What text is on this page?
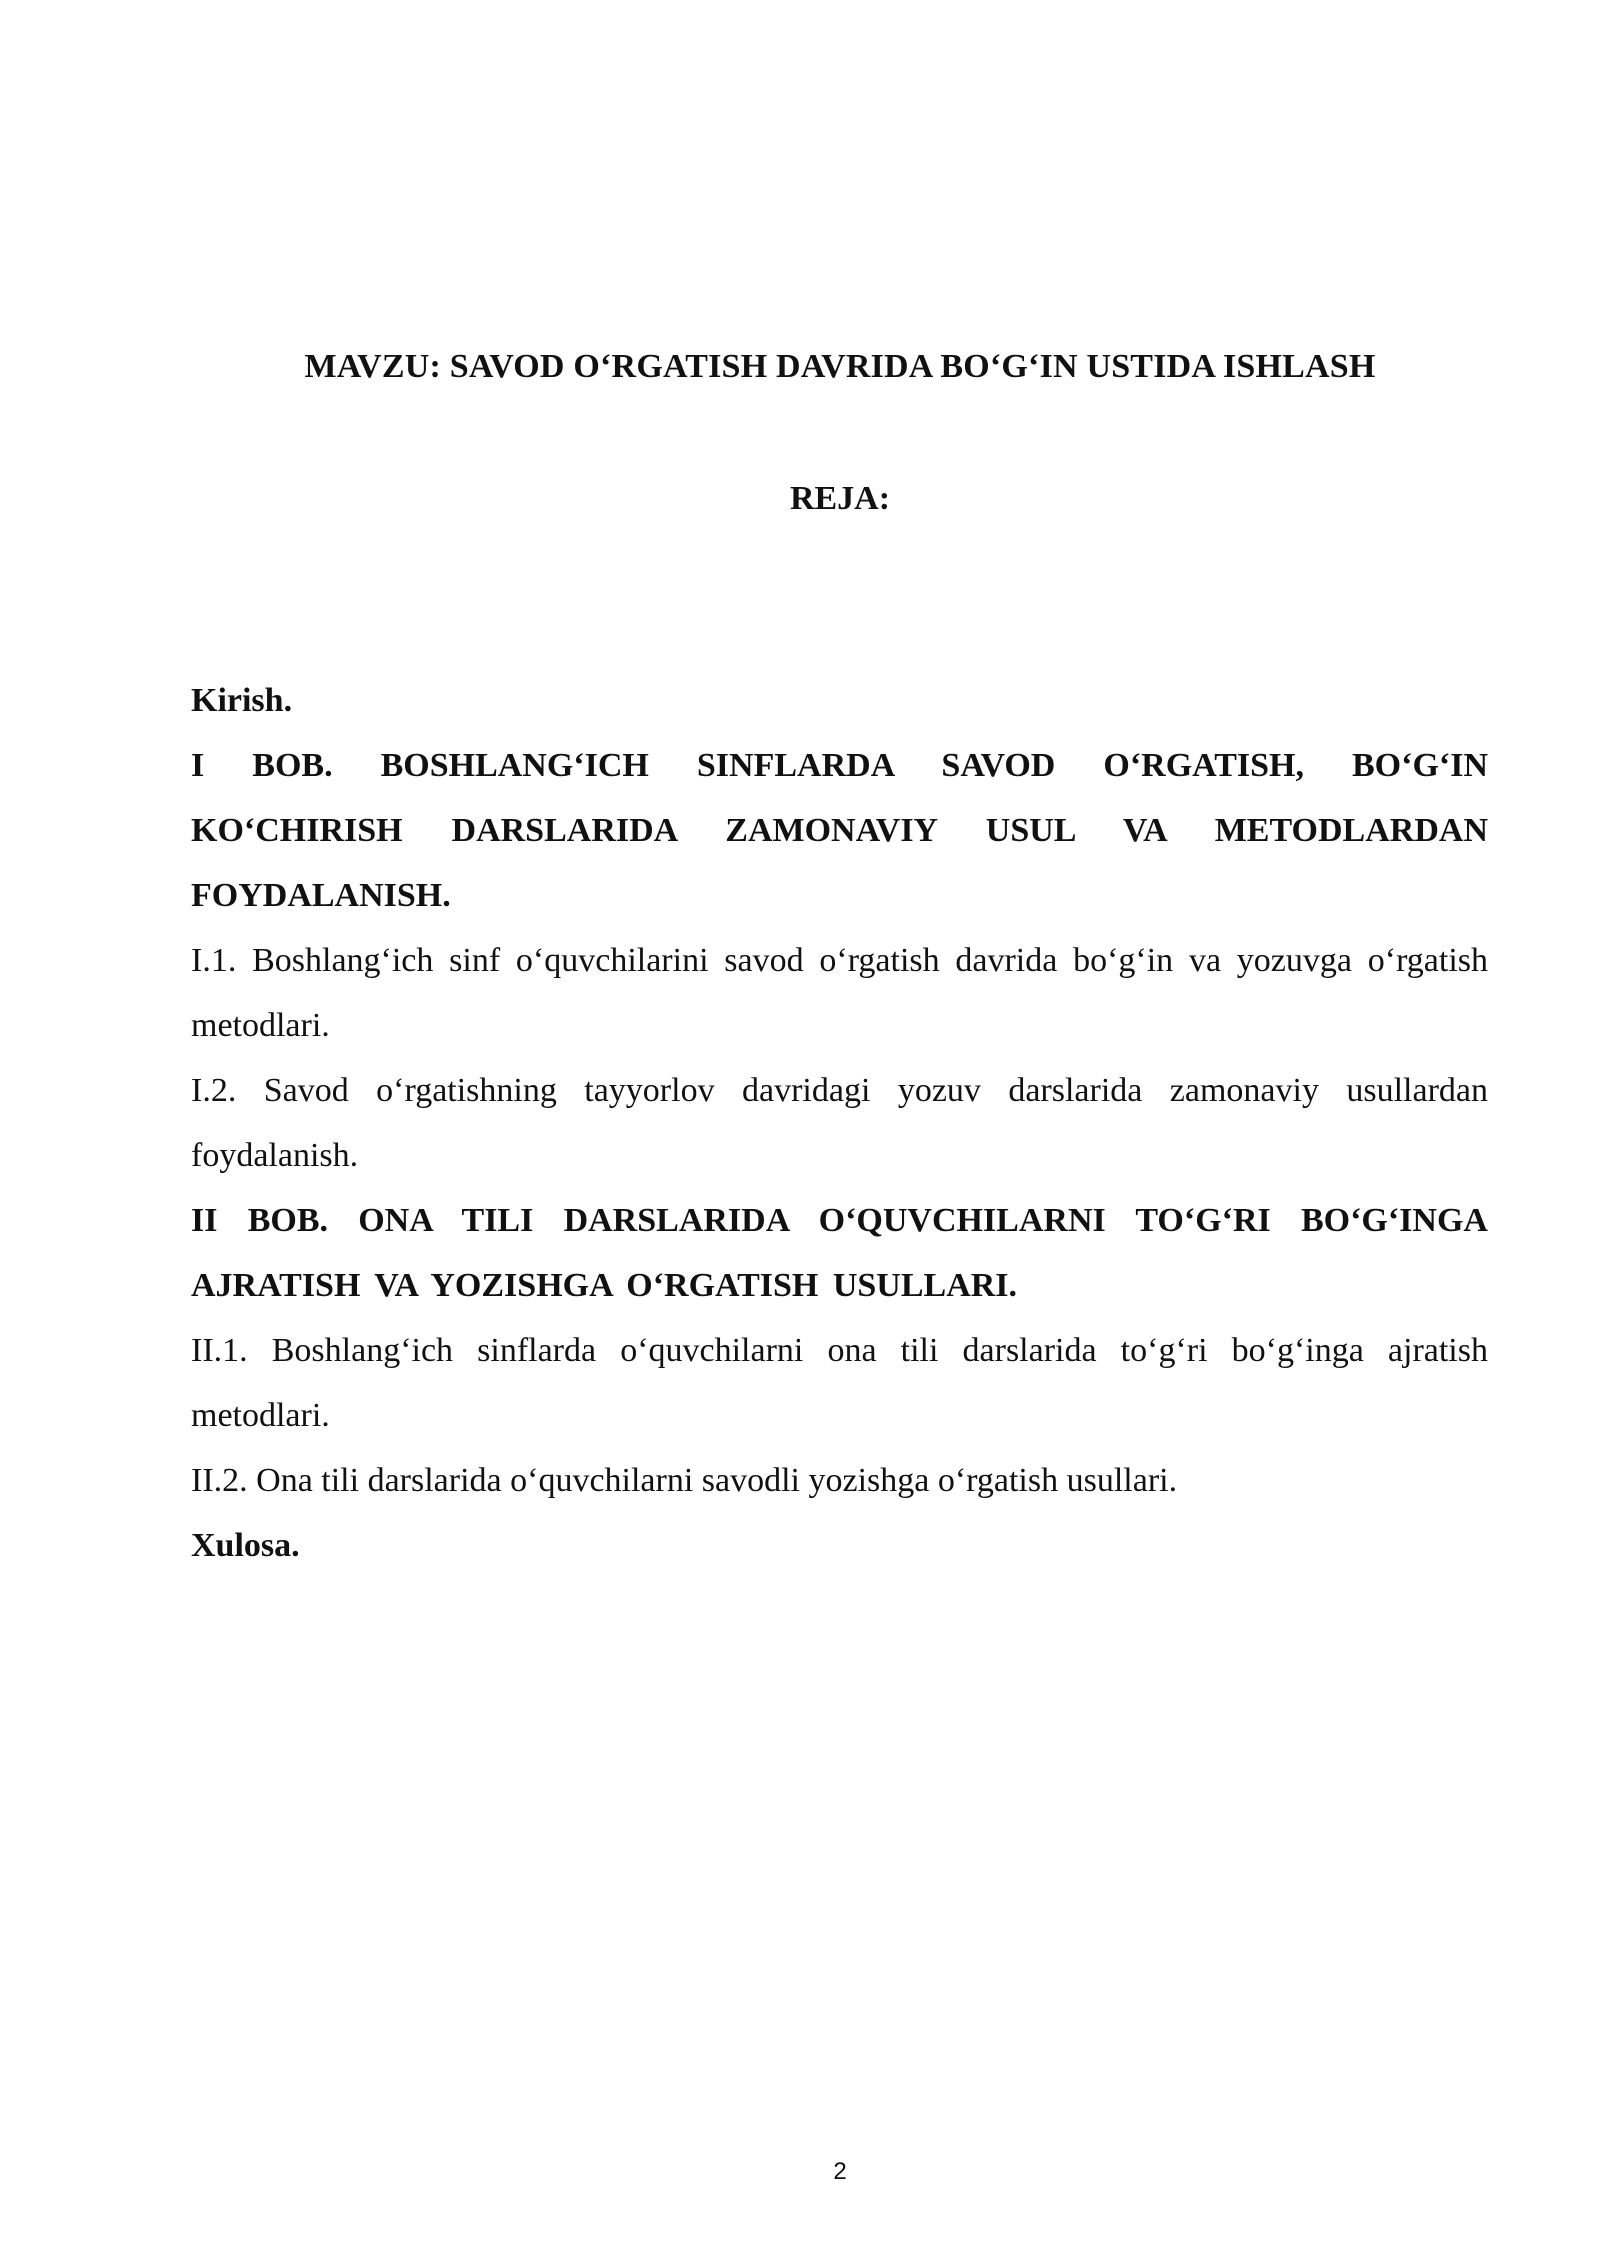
MAVZU: SAVOD O‘RGATISH DAVRIDA BO‘G‘IN USTIDA ISHLASH
REJA:

Kirish.

I BOB. BOSHLANG‘ICH SINFLARDA SAVOD O‘RGATISH, BO‘G‘IN KO‘CHIRISH DARSLARIDA ZAMONAVIY USUL VA METODLARDAN FOYDALANISH.

I.1. Boshlang‘ich sinf o‘quvchilarini savod o‘rgatish davrida bo‘g‘in va yozuvga o‘rgatish metodlari.

I.2. Savod o‘rgatishning tayyorlov davridagi yozuv darslarida zamonaviy usullardan foydalanish.

II BOB. ONA TILI DARSLARIDA O‘QUVCHILARNI TO‘G‘RI BO‘G‘INGA AJRATISH VA YOZISHGA O‘RGATISH USULLARI.

II.1. Boshlang‘ich sinflarda o‘quvchilarni ona tili darslarida to‘g‘ri bo‘g‘inga ajratish metodlari.

II.2. Ona tili darslarida o‘quvchilarni savodli yozishga o‘rgatish usullari.

Xulosa.

2
